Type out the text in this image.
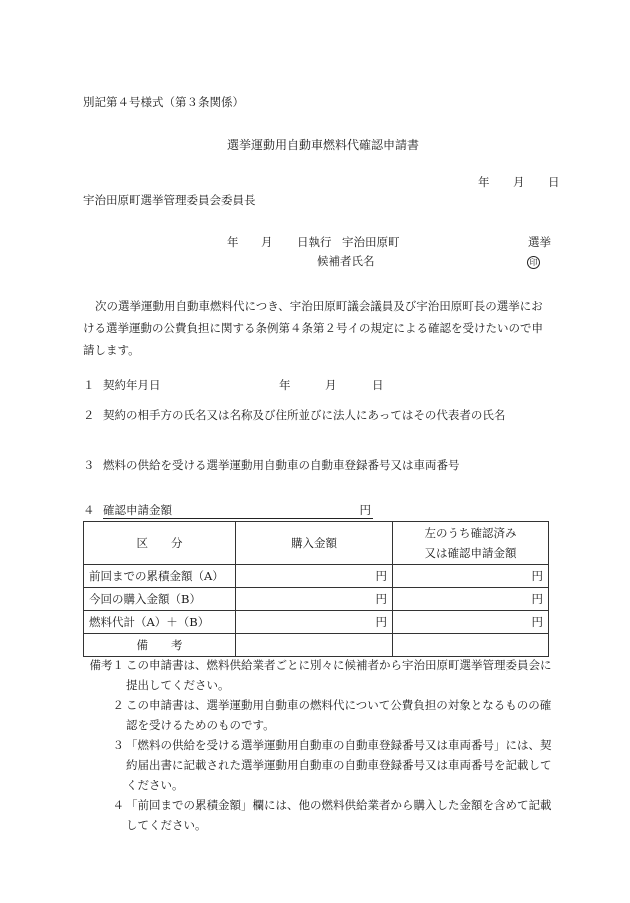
別記第４号様式（第３条関係）
選挙運動用自動車燃料代確認申請書
年 月 日
宇治田原町選挙管理委員会委員長
年 月 日執行 宇治田原町	選挙
候補者氏名	印
次の選挙運動用自動車燃料代につき、宇治田原町議会議員及び宇治田原町長の選挙における選挙運動の公費負担に関する条例第４条第２号イの規定による確認を受けたいので申請します。
１ 契約年月日	年	月	日
２ 契約の相手方の氏名又は名称及び住所並びに法人にあってはその代表者の氏名
３ 燃料の供給を受ける選挙運動用自動車の自動車登録番号又は車両番号
４ 確認申請金額	円
区　　分	購入金額	左のうち確認済み
又は確認申請金額

前回までの累積金額（A）	円	円
今回の購入金額（B）	円	円
燃料代計（A）＋（B）	円	円
備　　考		
備考１ この申請書は、燃料供給業者ごとに別々に候補者から宇治田原町選挙管理委員会に提出してください。
２ この申請書は、選挙運動用自動車の燃料代について公費負担の対象となるものの確認を受けるためのものです。
３ 「燃料の供給を受ける選挙運動用自動車の自動車登録番号又は車両番号」には、契約届出書に記載された選挙運動用自動車の自動車登録番号又は車両番号を記載してください。
４ 「前回までの累積金額」欄には、他の燃料供給業者から購入した金額を含めて記載してください。
